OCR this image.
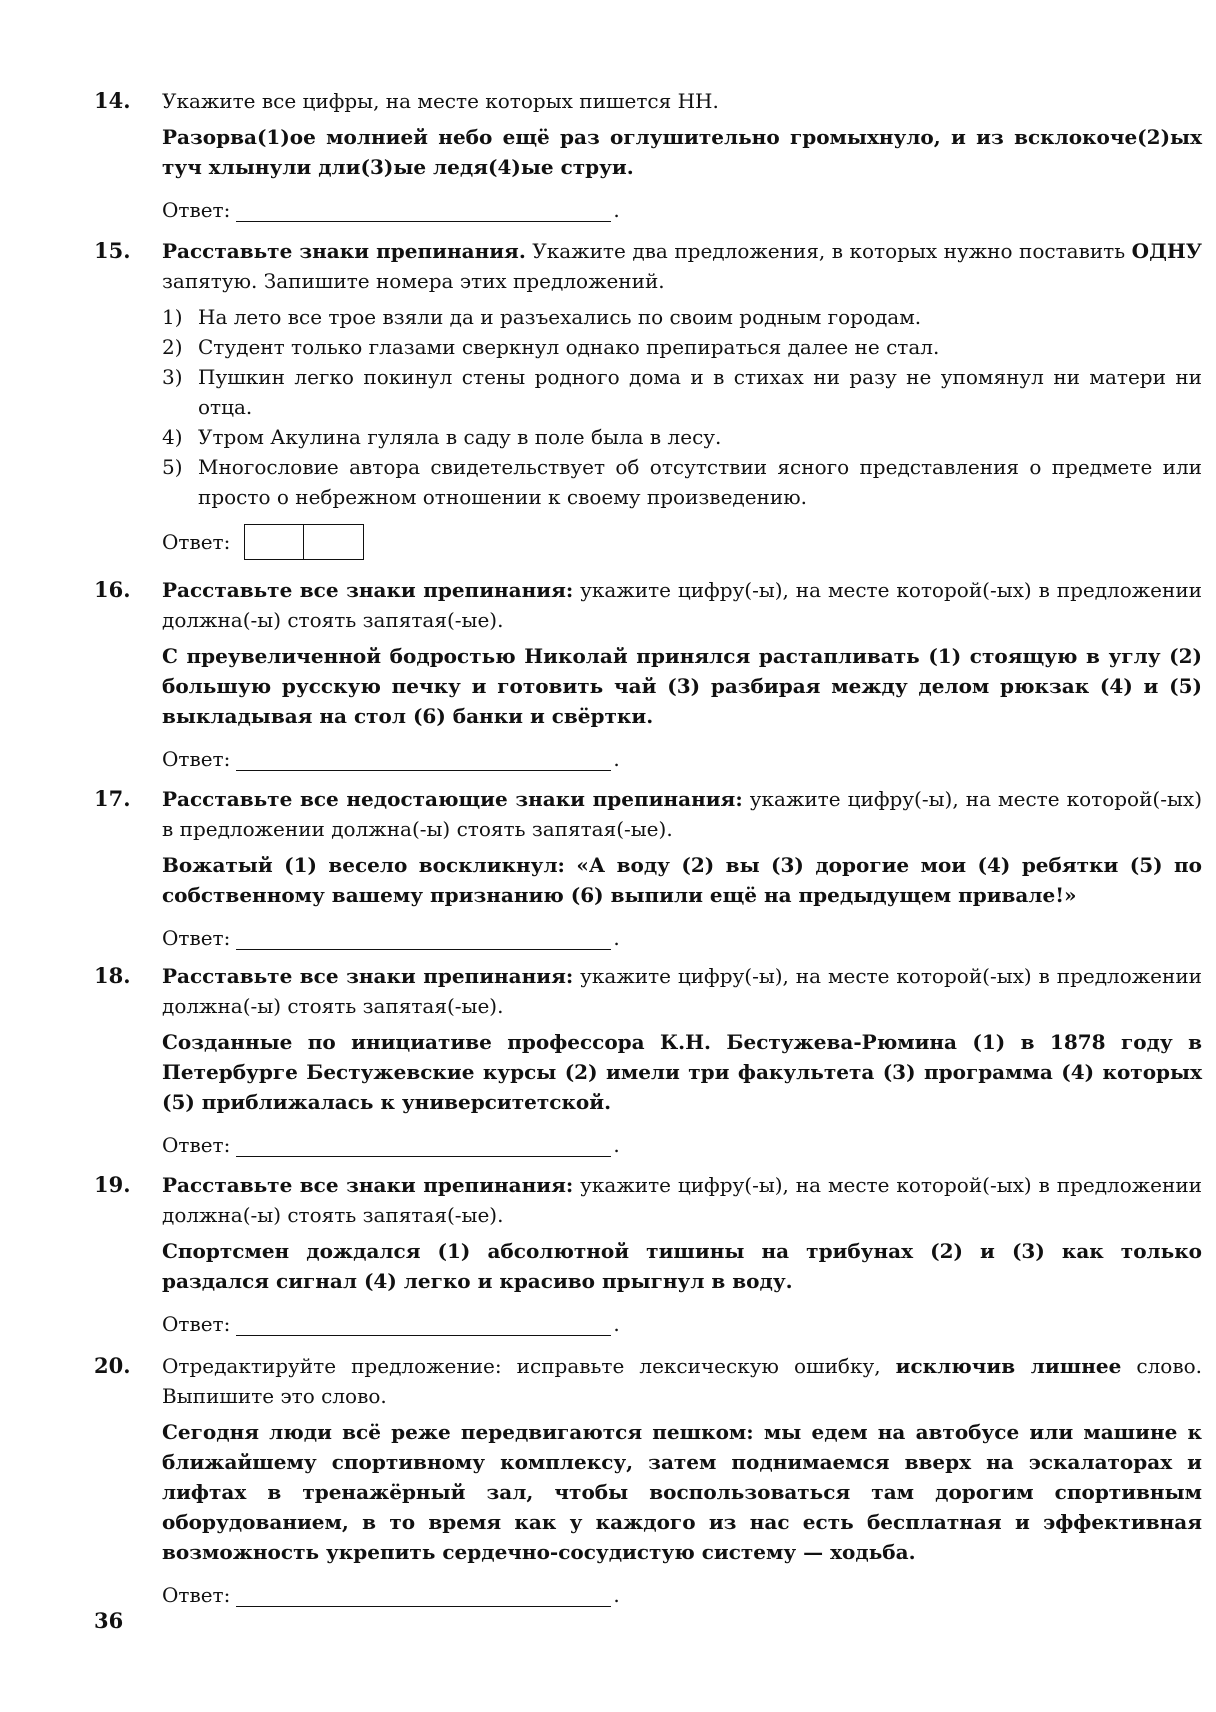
14. Укажите все цифры, на месте которых пишется НН.

Разорва(1)ое молнией небо ещё раз оглушительно громыхнуло, и из всклокоче(2)ых туч хлынули дли(3)ые ледя(4)ые струи.

Ответ:	.
15. Расставьте знаки препинания. Укажите два предложения, в которых нужно поставить ОДНУ запятую. Запишите номера этих предложений.

1) На лето все трое взяли да и разъехались по своим родным городам.
2) Студент только глазами сверкнул однако препираться далее не стал.
3) Пушкин легко покинул стены родного дома и в стихах ни разу не упомянул ни матери ни отца.
4) Утром Акулина гуляла в саду в поле была в лесу.
5) Многословие автора свидетельствует об отсутствии ясного представления о предмете или просто о небрежном отношении к своему произведению.
Ответ:
16. Расставьте все знаки препинания: укажите цифру(-ы), на месте которой(-ых) в предложении должна(-ы) стоять запятая(-ые).

С преувеличенной бодростью Николай принялся растапливать (1) стоящую в углу (2) большую русскую печку и готовить чай (3) разбирая между делом рюкзак (4) и (5) выкладывая на стол (6) банки и свёртки.

Ответ:	.
17. Расставьте все недостающие знаки препинания: укажите цифру(-ы), на месте которой(-ых) в предложении должна(-ы) стоять запятая(-ые).

Вожатый (1) весело воскликнул: «А воду (2) вы (3) дорогие мои (4) ребятки (5) по собственному вашему признанию (6) выпили ещё на предыдущем привале!»

Ответ:	.
18. Расставьте все знаки препинания: укажите цифру(-ы), на месте которой(-ых) в предложении должна(-ы) стоять запятая(-ые).

Созданные по инициативе профессора К.Н. Бестужева-Рюмина (1) в 1878 году в Петербурге Бестужевские курсы (2) имели три факультета (3) программа (4) которых (5) приближалась к университетской.

Ответ:	.
19. Расставьте все знаки препинания: укажите цифру(-ы), на месте которой(-ых) в предложении должна(-ы) стоять запятая(-ые).

Спортсмен дождался (1) абсолютной тишины на трибунах (2) и (3) как только раздался сигнал (4) легко и красиво прыгнул в воду.

Ответ:	.
20. Отредактируйте предложение: исправьте лексическую ошибку, исключив лишнее слово. Выпишите это слово.

Сегодня люди всё реже передвигаются пешком: мы едем на автобусе или машине к ближайшему спортивному комплексу, затем поднимаемся вверх на эскалаторах и лифтах в тренажёрный зал, чтобы воспользоваться там дорогим спортивным оборудованием, в то время как у каждого из нас есть бесплатная и эффективная возможность укрепить сердечно-сосудистую систему — ходьба.

Ответ:	.
36
